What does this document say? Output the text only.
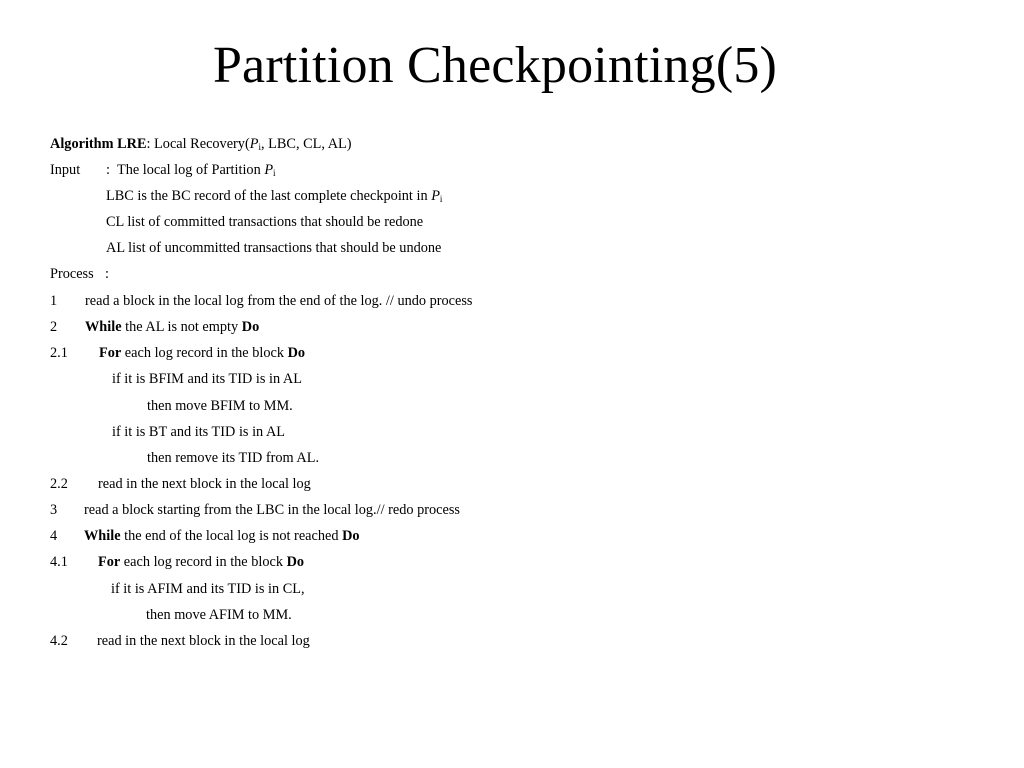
Partition Checkpointing(5)
Algorithm LRE: Local $Recovery(P_i$, LBC, CL, AL)
Input : The local log of Partition $P_i$
LBC is the BC record of the last complete checkpoint in $P_i$
CL list of committed transactions that should be redone
AL list of uncommitted transactions that should be undone
Process :
1 read a block in the local log from the end of the log. // undo process
2 While the AL is not empty Do
2.1 For each log record in the block Do
if it is BFIM and its TID is in AL
then move BFIM to MM.
if it is BT and its TID is in AL
then remove its TID from AL.
2.2 read in the next block in the local log
3 read a block starting from the LBC in the local log.// redo process
4 While the end of the local log is not reached Do
4.1 For each log record in the block Do
if it is AFIM and its TID is in CL,
then move AFIM to MM.
4.2 read in the next block in the local log
